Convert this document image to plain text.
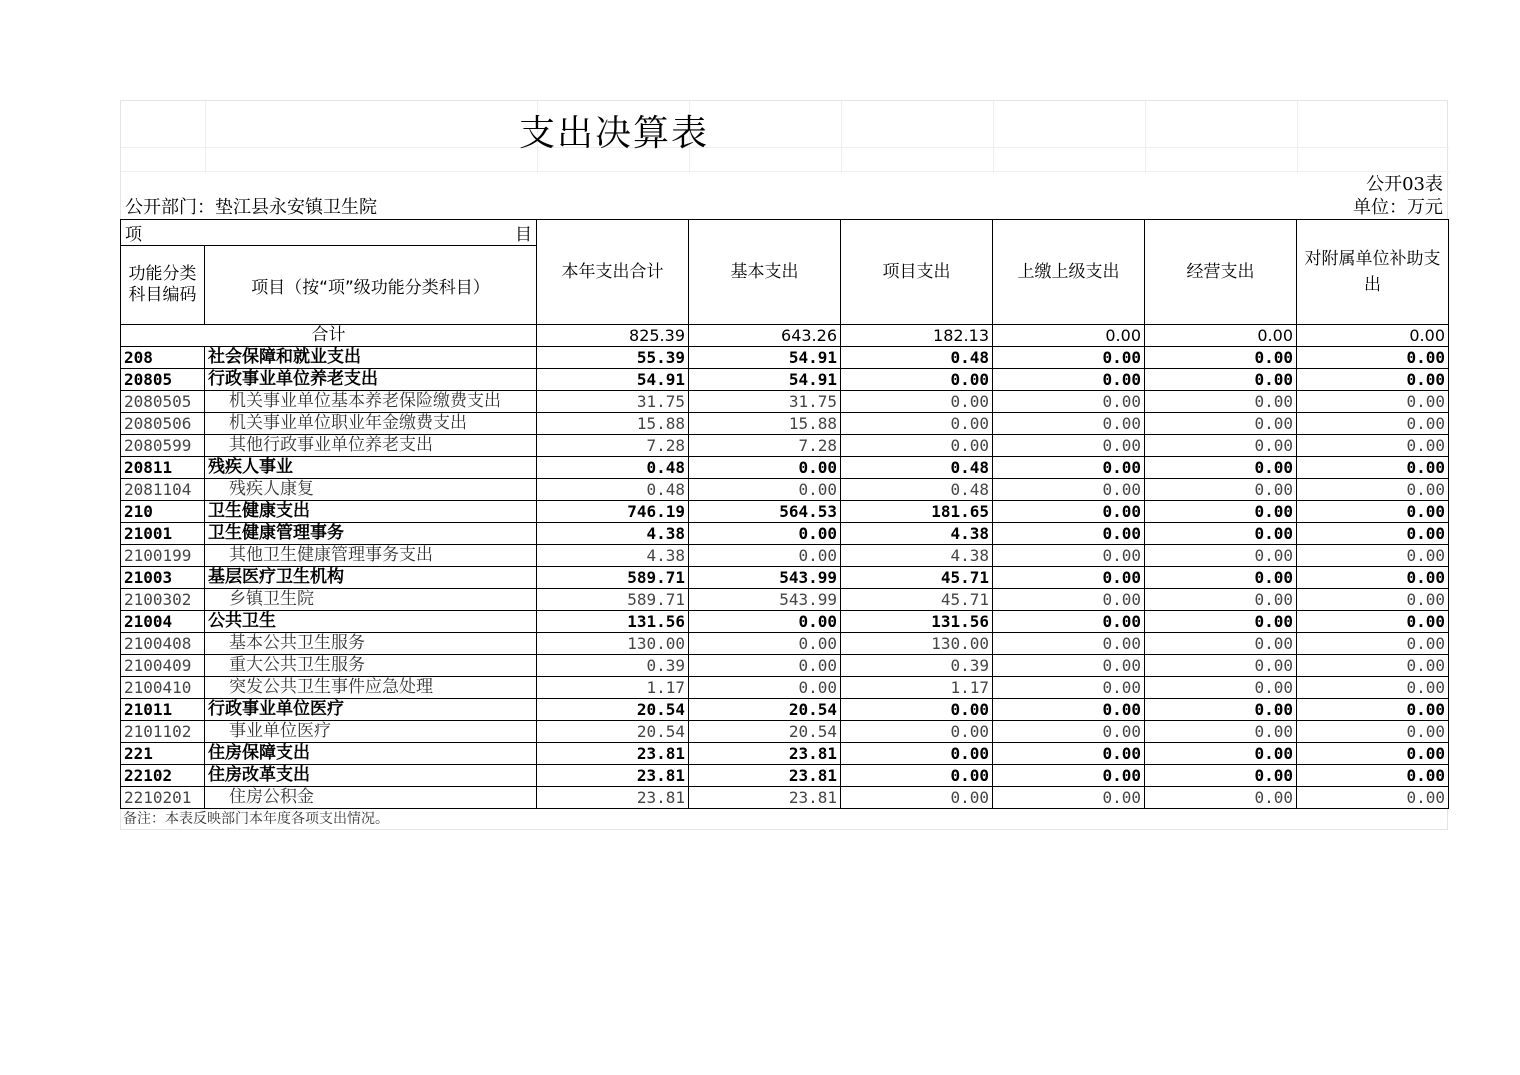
支出决算表
公开03表
公开部门：垫江县永安镇卫生院	单位：万元
项 目		本年支出合计	基本支出	项目支出	上缴上级支出	经营支出	对附属单位补助支出
功能分类科目编码	项目（按“项”级功能分类科目）						
合计		825.39	643.26	182.13	0.00	0.00	0.00
208	社会保障和就业支出	55.39	54.91	0.48	0.00	0.00	0.00
20805	行政事业单位养老支出	54.91	54.91	0.00	0.00	0.00	0.00
2080505	机关事业单位基本养老保险缴费支出	31.75	31.75	0.00	0.00	0.00	0.00
2080506	机关事业单位职业年金缴费支出	15.88	15.88	0.00	0.00	0.00	0.00
2080599	其他行政事业单位养老支出	7.28	7.28	0.00	0.00	0.00	0.00
20811	残疾人事业	0.48	0.00	0.48	0.00	0.00	0.00
2081104	残疾人康复	0.48	0.00	0.48	0.00	0.00	0.00
210	卫生健康支出	746.19	564.53	181.65	0.00	0.00	0.00
21001	卫生健康管理事务	4.38	0.00	4.38	0.00	0.00	0.00
2100199	其他卫生健康管理事务支出	4.38	0.00	4.38	0.00	0.00	0.00
21003	基层医疗卫生机构	589.71	543.99	45.71	0.00	0.00	0.00
2100302	乡镇卫生院	589.71	543.99	45.71	0.00	0.00	0.00
21004	公共卫生	131.56	0.00	131.56	0.00	0.00	0.00
2100408	基本公共卫生服务	130.00	0.00	130.00	0.00	0.00	0.00
2100409	重大公共卫生服务	0.39	0.00	0.39	0.00	0.00	0.00
2100410	突发公共卫生事件应急处理	1.17	0.00	1.17	0.00	0.00	0.00
21011	行政事业单位医疗	20.54	20.54	0.00	0.00	0.00	0.00
2101102	事业单位医疗	20.54	20.54	0.00	0.00	0.00	0.00
221	住房保障支出	23.81	23.81	0.00	0.00	0.00	0.00
22102	住房改革支出	23.81	23.81	0.00	0.00	0.00	0.00
2210201	住房公积金	23.81	23.81	0.00	0.00	0.00	0.00
备注：本表反映部门本年度各项支出情况。
